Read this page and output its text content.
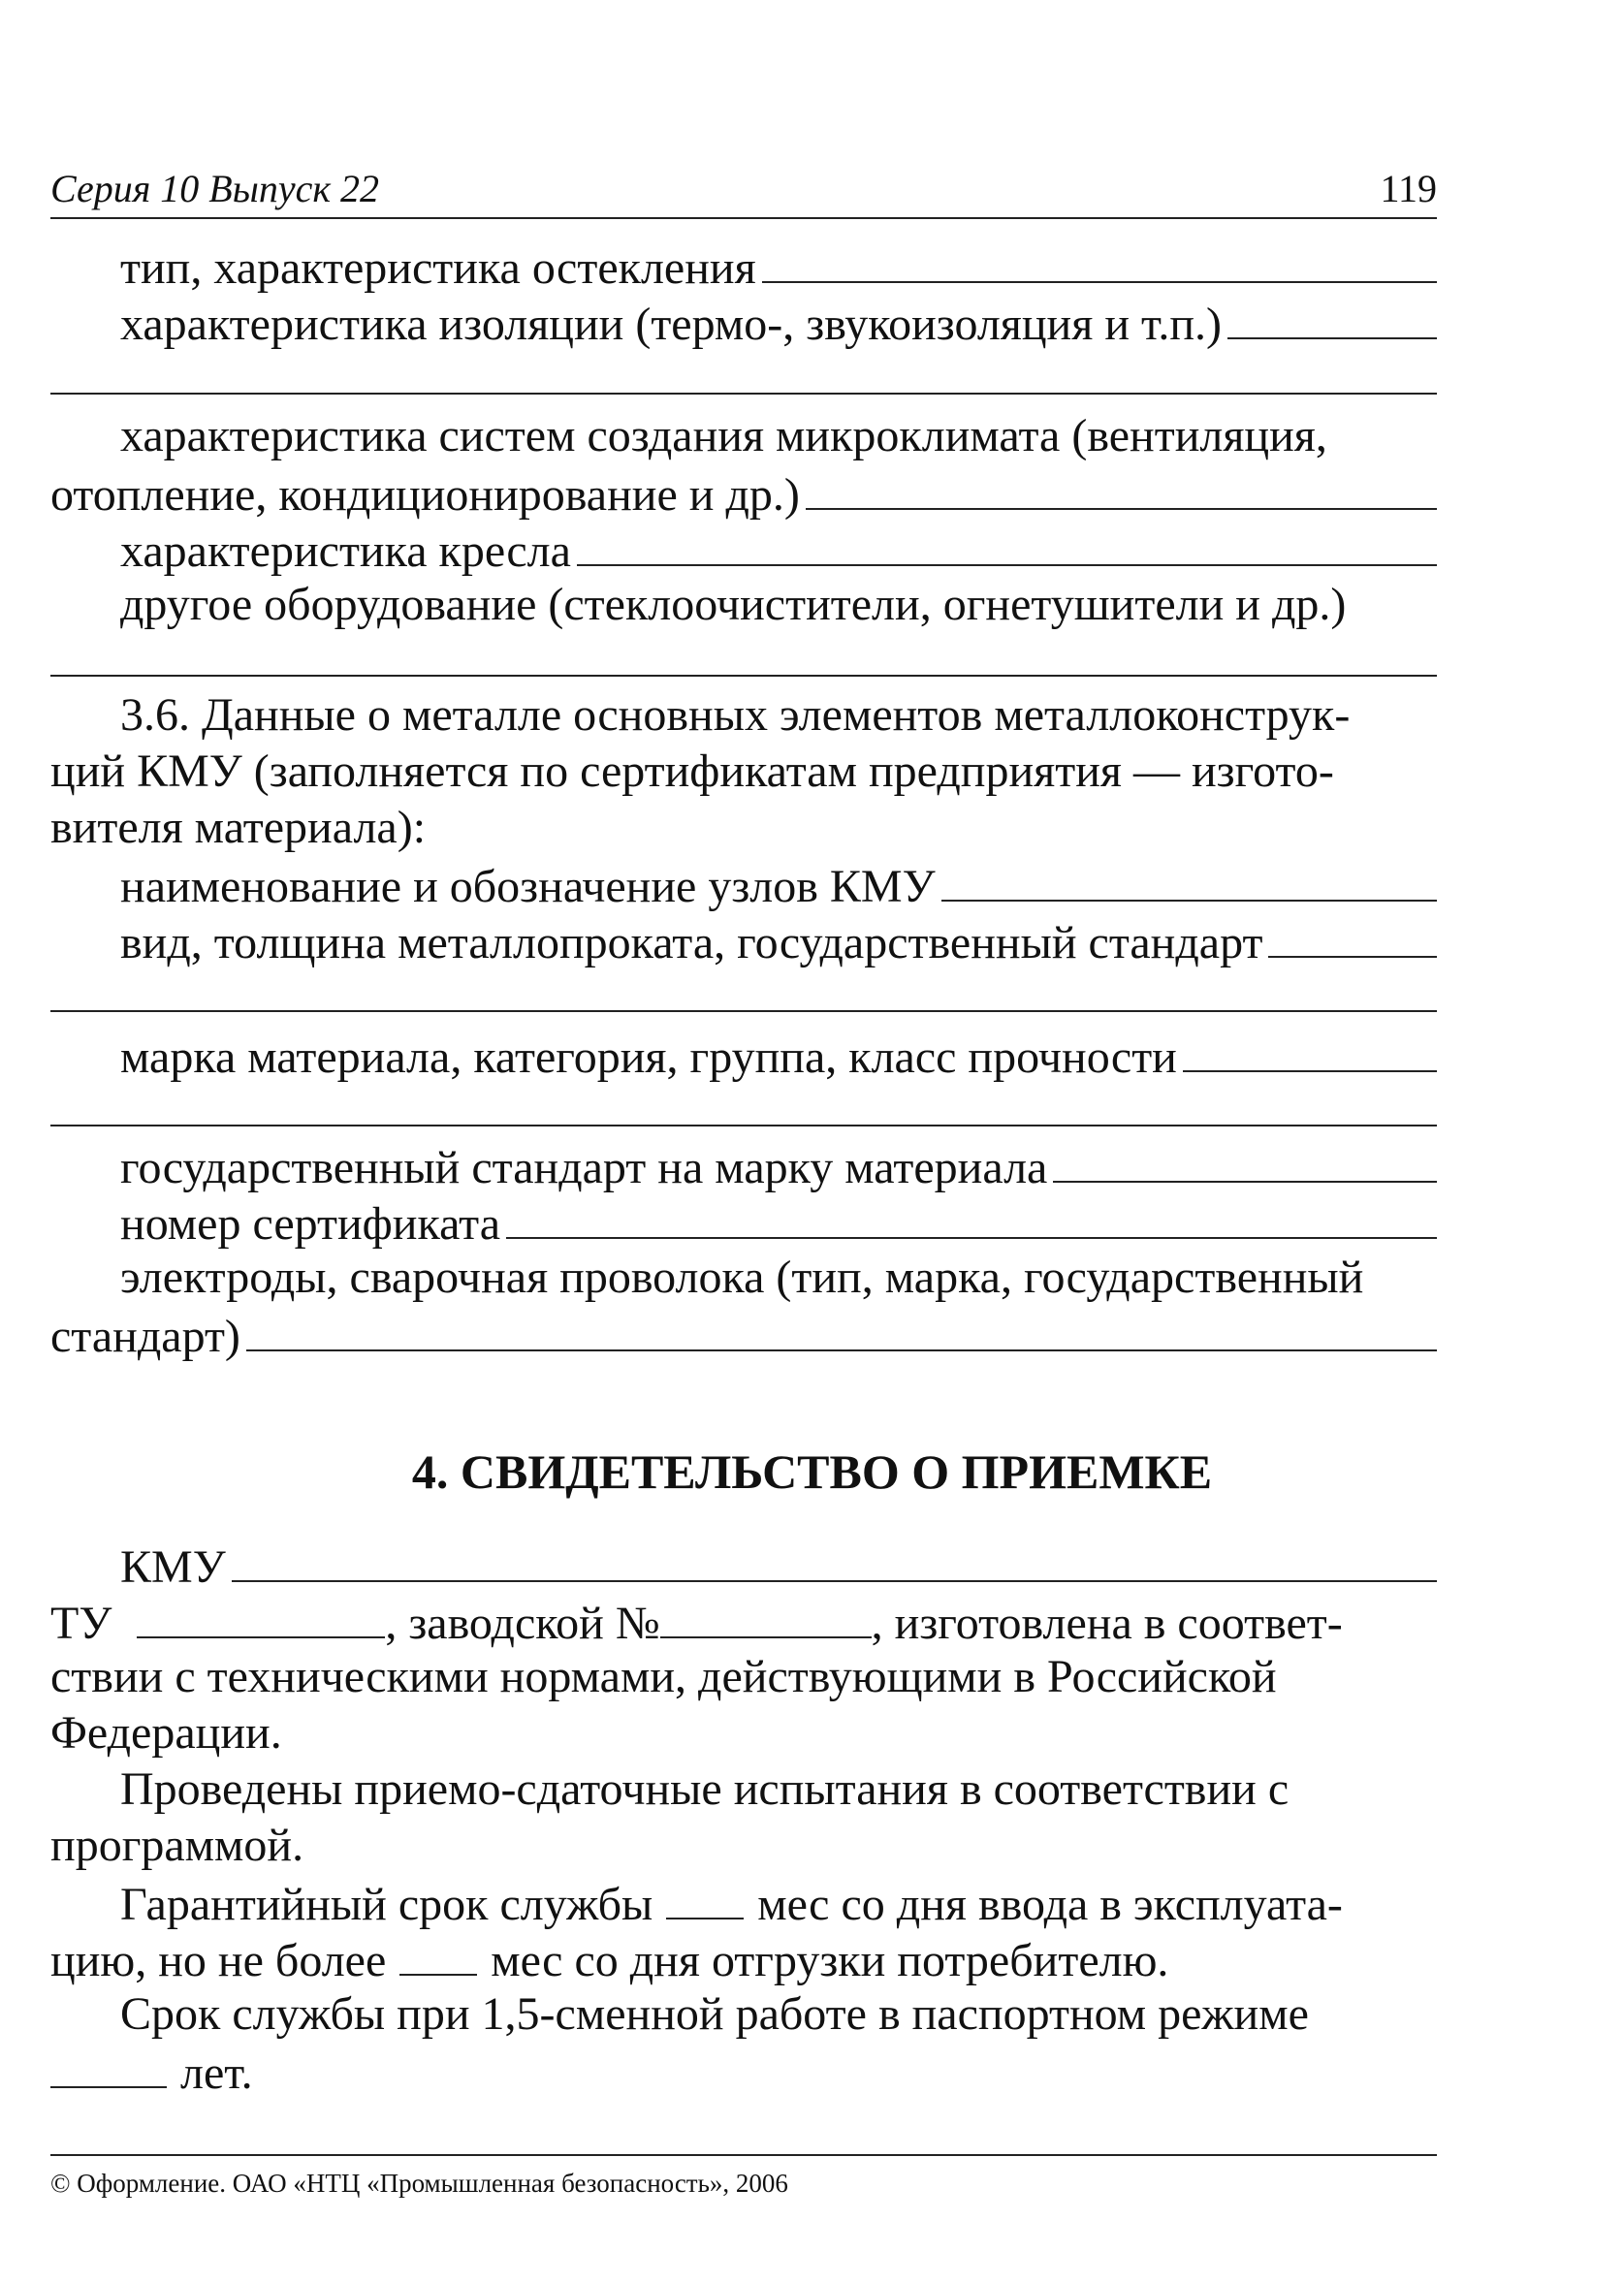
Серия 10 Выпуск 22	119
тип, характеристика остекления
характеристика изоляции (термо-, звукоизоляция и т.п.)
характеристика систем создания микроклимата (вентиляция,
отопление, кондиционирование и др.)
характеристика кресла
другое оборудование (стеклоочистители, огнетушители и др.)
3.6. Данные о металле основных элементов металлоконструк-
ций КМУ (заполняется по сертификатам предприятия — изгото-
вителя материала):
наименование и обозначение узлов КМУ
вид, толщина металлопроката, государственный стандарт
марка материала, категория, группа, класс прочности
государственный стандарт на марку материала
номер сертификата
электроды, сварочная проволока (тип, марка, государственный
стандарт)
4. СВИДЕТЕЛЬСТВО О ПРИЕМКЕ
КМУ
ТУ	, заводской №	, изготовлена в соответ-
ствии с техническими нормами, действующими в Российской
Федерации.
Проведены приемо-сдаточные испытания в соответствии с
программой.
Гарантийный срок службы мес со дня ввода в эксплуата-
цию, но не более мес со дня отгрузки потребителю.
Срок службы при 1,5-сменной работе в паспортном режиме
лет.
© Оформление. ОАО «НТЦ «Промышленная безопасность», 2006
